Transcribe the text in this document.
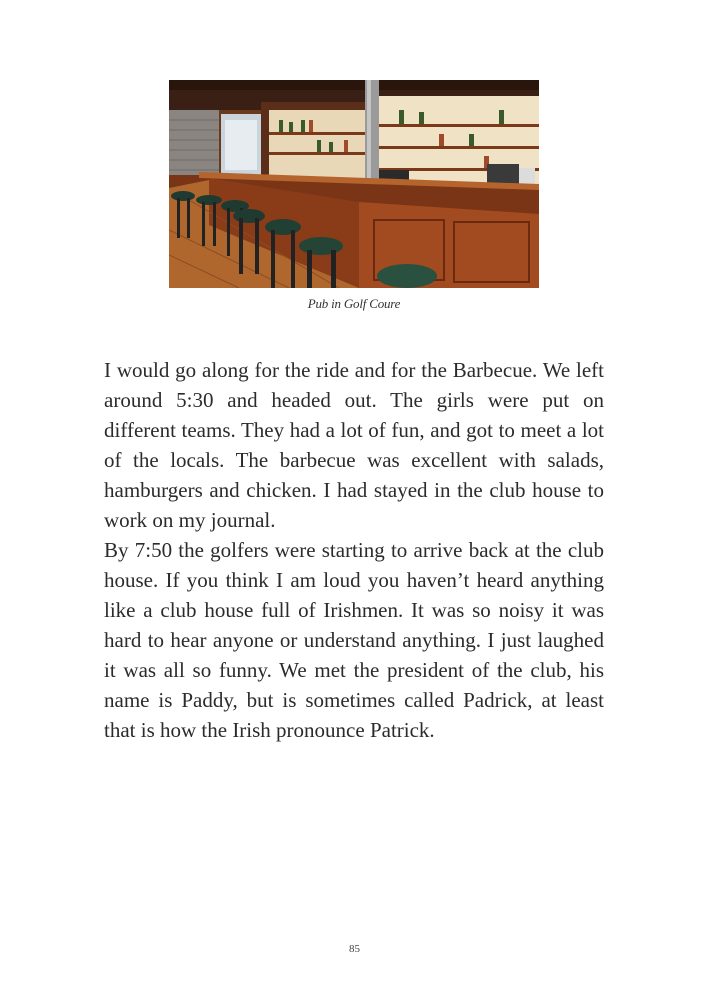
Pub in Golf Coure

I would go along for the ride and for the Barbecue. We left around 5:30 and headed out. The girls were put on different teams. They had a lot of fun, and got to meet a lot of the locals. The barbecue was excellent with salads, hamburgers and chicken. I had stayed in the club house to work on my journal.

By 7:50 the golfers were starting to arrive back at the club house. If you think I am loud you haven’t heard anything like a club house full of Irishmen. It was so noisy it was hard to hear anyone or understand anything. I just laughed it was all so funny. We met the president of the club, his name is Paddy, but is sometimes called Padrick, at least that is how the Irish pronounce Patrick.

85
